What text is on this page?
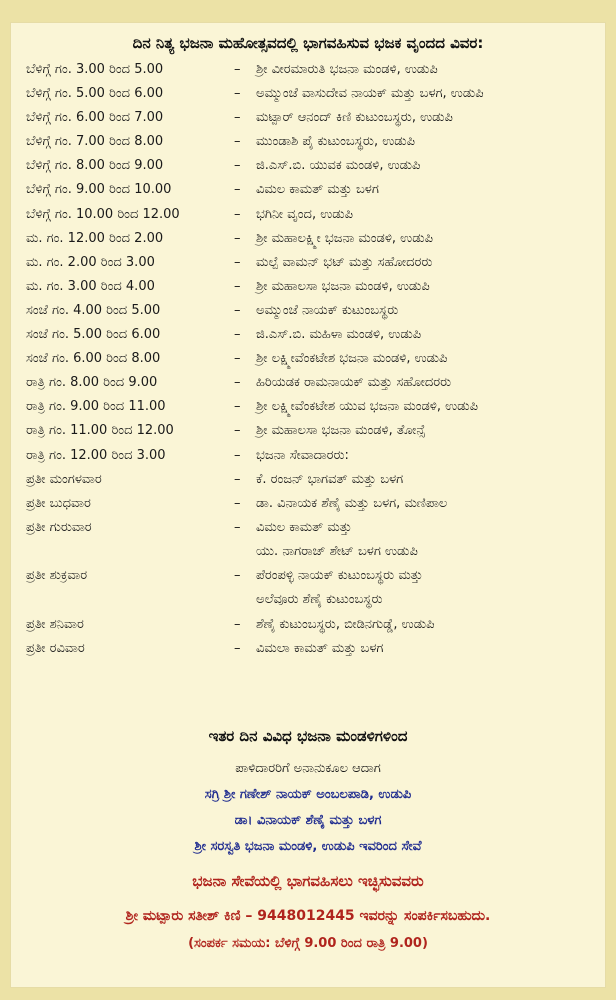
ದಿನ ನಿತ್ಯ ಭಜನಾ ಮಹೋತ್ಸವದಲ್ಲಿ ಭಾಗವಹಿಸುವ ಭಜಕ ವೃಂದದ ವಿವರ:
ಬೆಳಿಗ್ಗೆ ಗಂ. 3.00 ರಿಂದ 5.00	– ಶ್ರೀ ವೀರಮಾರುತಿ ಭಜನಾ ಮಂಡಳಿ, ಉಡುಪಿ
ಬೆಳಿಗ್ಗೆ ಗಂ. 5.00 ರಿಂದ 6.00	– ಅಮ್ಮುಂಜೆ ವಾಸುದೇವ ನಾಯಕ್ ಮತ್ತು ಬಳಗ, ಉಡುಪಿ
ಬೆಳಿಗ್ಗೆ ಗಂ. 6.00 ರಿಂದ 7.00	– ಮಟ್ಪಾರ್ ಆನಂದ್ ಕಿಣಿ ಕುಟುಂಬಸ್ಥರು, ಉಡುಪಿ
ಬೆಳಿಗ್ಗೆ ಗಂ. 7.00 ರಿಂದ 8.00	– ಮುಂಡಾಶಿ ಪೈ ಕುಟುಂಬಸ್ಥರು, ಉಡುಪಿ
ಬೆಳಿಗ್ಗೆ ಗಂ. 8.00 ರಿಂದ 9.00	– ಜಿ.ಎಸ್.ಬಿ. ಯುವಕ ಮಂಡಳಿ, ಉಡುಪಿ
ಬೆಳಿಗ್ಗೆ ಗಂ. 9.00 ರಿಂದ 10.00	– ವಿಮಲ ಕಾಮತ್ ಮತ್ತು ಬಳಗ
ಬೆಳಿಗ್ಗೆ ಗಂ. 10.00 ರಿಂದ 12.00	– ಭಗಿನೀ ವೃಂದ, ಉಡುಪಿ
ಮ. ಗಂ. 12.00 ರಿಂದ 2.00	– ಶ್ರೀ ಮಹಾಲಕ್ಷ್ಮೀ ಭಜನಾ ಮಂಡಳಿ, ಉಡುಪಿ
ಮ. ಗಂ. 2.00 ರಿಂದ 3.00	– ಮಲ್ಪೆ ವಾಮನ್ ಭಟ್ ಮತ್ತು ಸಹೋದರರು
ಮ. ಗಂ. 3.00 ರಿಂದ 4.00	– ಶ್ರೀ ಮಹಾಲಸಾ ಭಜನಾ ಮಂಡಳಿ, ಉಡುಪಿ
ಸಂಜೆ ಗಂ. 4.00 ರಿಂದ 5.00	– ಅಮ್ಮುಂಜೆ ನಾಯಕ್ ಕುಟುಂಬಸ್ಥರು
ಸಂಜೆ ಗಂ. 5.00 ರಿಂದ 6.00	– ಜಿ.ಎಸ್.ಬಿ. ಮಹಿಳಾ ಮಂಡಳಿ, ಉಡುಪಿ
ಸಂಜೆ ಗಂ. 6.00 ರಿಂದ 8.00	– ಶ್ರೀ ಲಕ್ಷ್ಮೀವೆಂಕಟೇಶ ಭಜನಾ ಮಂಡಳಿ, ಉಡುಪಿ
ರಾತ್ರಿ ಗಂ. 8.00 ರಿಂದ 9.00	– ಹಿರಿಯಡಕ ರಾಮನಾಯಕ್ ಮತ್ತು ಸಹೋದರರು
ರಾತ್ರಿ ಗಂ. 9.00 ರಿಂದ 11.00	– ಶ್ರೀ ಲಕ್ಷ್ಮೀವೆಂಕಟೇಶ ಯುವ ಭಜನಾ ಮಂಡಳಿ, ಉಡುಪಿ
ರಾತ್ರಿ ಗಂ. 11.00 ರಿಂದ 12.00	– ಶ್ರೀ ಮಹಾಲಸಾ ಭಜನಾ ಮಂಡಳಿ, ತೋನ್ಸೆ
ರಾತ್ರಿ ಗಂ. 12.00 ರಿಂದ 3.00	– ಭಜನಾ ಸೇವಾದಾರರು:
ಪ್ರತೀ ಮಂಗಳವಾರ	– ಕೆ. ರಂಜನ್ ಭಾಗವತ್ ಮತ್ತು ಬಳಗ
ಪ್ರತೀ ಬುಧವಾರ	– ಡಾ. ವಿನಾಯಕ ಶೆಣೈ ಮತ್ತು ಬಳಗ, ಮಣಿಪಾಲ
ಪ್ರತೀ ಗುರುವಾರ	– ವಿಮಲ ಕಾಮತ್ ಮತ್ತು
ಯು. ನಾಗರಾಜ್ ಶೇಟ್ ಬಳಗ ಉಡುಪಿ
ಪ್ರತೀ ಶುಕ್ರವಾರ	– ಪೆರಂಪಳ್ಳಿ ನಾಯಕ್ ಕುಟುಂಬಸ್ಥರು ಮತ್ತು
ಅಲೆವೂರು ಶೆಣೈ ಕುಟುಂಬಸ್ಥರು
ಪ್ರತೀ ಶನಿವಾರ	– ಶೆಣೈ ಕುಟುಂಬಸ್ಥರು, ಬೀಡಿನಗುಡ್ಡೆ, ಉಡುಪಿ
ಪ್ರತೀ ರವಿವಾರ	– ವಿಮಲಾ ಕಾಮತ್ ಮತ್ತು ಬಳಗ
ಇತರ ದಿನ ವಿವಿಧ ಭಜನಾ ಮಂಡಳಿಗಳಿಂದ
ಪಾಳಿದಾರರಿಗೆ ಅನಾನುಕೂಲ ಆದಾಗ
ಸಗ್ರಿ ಶ್ರೀ ಗಣೇಶ್ ನಾಯಕ್ ಅಂಬಲಪಾಡಿ, ಉಡುಪಿ
ಡಾ। ವಿನಾಯಕ್ ಶೆಣೈ ಮತ್ತು ಬಳಗ
ಶ್ರೀ ಸರಸ್ವತಿ ಭಜನಾ ಮಂಡಳಿ, ಉಡುಪಿ ಇವರಿಂದ ಸೇವೆ
ಭಜನಾ ಸೇವೆಯಲ್ಲಿ ಭಾಗವಹಿಸಲು ಇಚ್ಛಿಸುವವರು
ಶ್ರೀ ಮಟ್ಪಾರು ಸತೀಶ್ ಕಿಣಿ – 9448012445 ಇವರನ್ನು ಸಂಪರ್ಕಿಸಬಹುದು.
(ಸಂಪರ್ಕ ಸಮಯ: ಬೆಳಿಗ್ಗೆ 9.00 ರಿಂದ ರಾತ್ರಿ 9.00)
